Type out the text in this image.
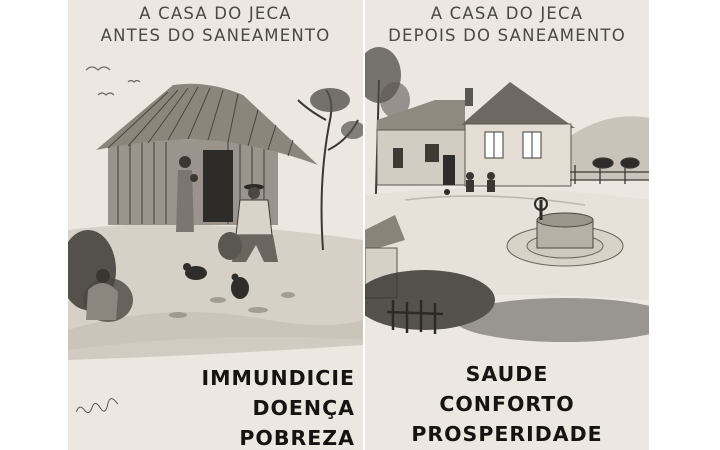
A CASA DO JECA
ANTES DO SANEAMENTO
IMMUNDICIE
DOENÇA
POBREZA
A CASA DO JECA
DEPOIS DO SANEAMENTO
SAUDE
CONFORTO
PROSPERIDADE
